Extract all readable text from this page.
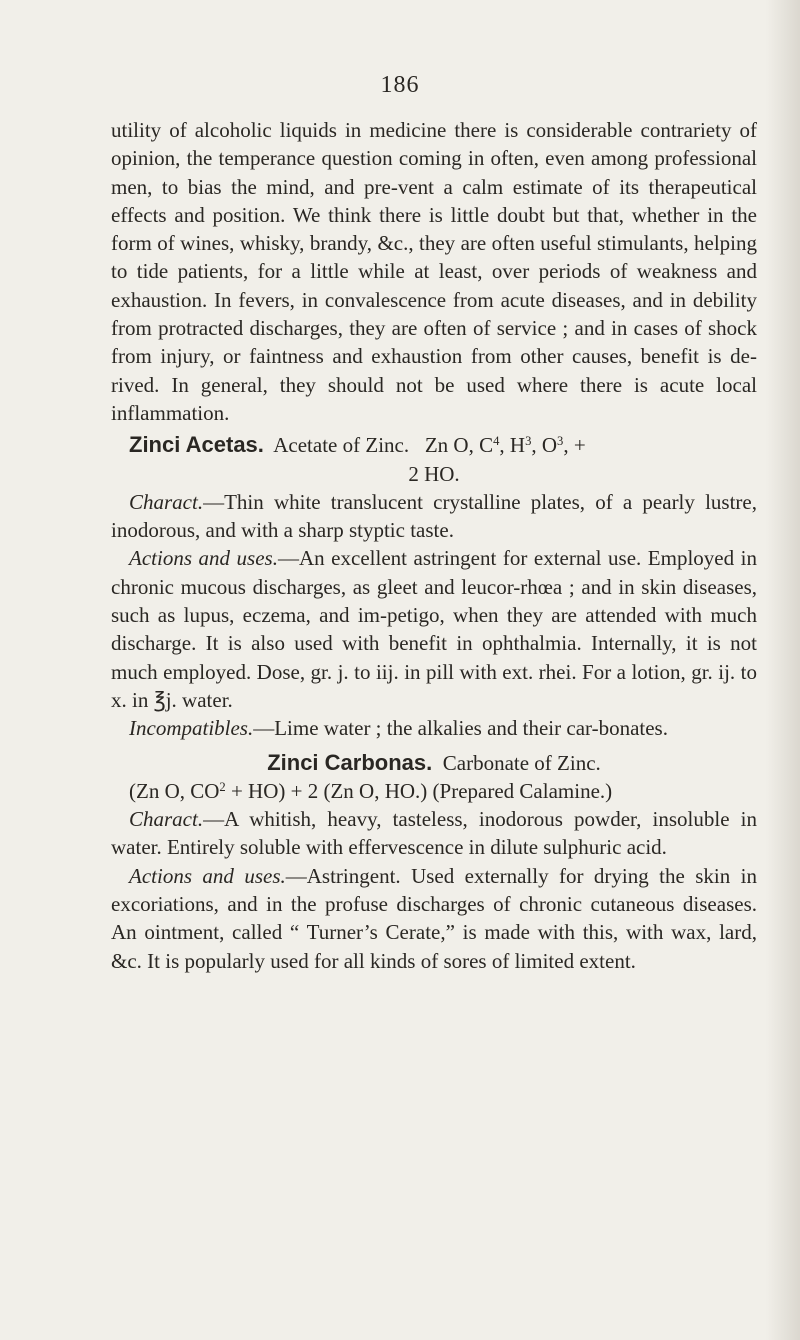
186

utility of alcoholic liquids in medicine there is considerable contrariety of opinion, the temperance question coming in often, even among professional men, to bias the mind, and pre-vent a calm estimate of its therapeutical effects and position. We think there is little doubt but that, whether in the form of wines, whisky, brandy, &c., they are often useful stimulants, helping to tide patients, for a little while at least, over periods of weakness and exhaustion. In fevers, in convalescence from acute diseases, and in debility from protracted discharges, they are often of service ; and in cases of shock from injury, or faintness and exhaustion from other causes, benefit is de-rived. In general, they should not be used where there is acute local inflammation.

Zinci Acetas. Acetate of Zinc. Zn O, $C^4$, $H^3$, $O^3$, +

2 HO.

Charact.—Thin white translucent crystalline plates, of a pearly lustre, inodorous, and with a sharp styptic taste.

Actions and uses.—An excellent astringent for external use. Employed in chronic mucous discharges, as gleet and leucor-rhœa ; and in skin diseases, such as lupus, eczema, and im-petigo, when they are attended with much discharge. It is also used with benefit in ophthalmia. Internally, it is not much employed. Dose, gr. j. to iij. in pill with ext. rhei. For a lotion, gr. ij. to x. in ℥j. water.

Incompatibles.—Lime water ; the alkalies and their car-bonates.

Zinci Carbonas. Carbonate of Zinc.

(Zn O, $CO^2 + HO) + 2$ (Zn O, HO.) (Prepared Calamine.)

Charact.—A whitish, heavy, tasteless, inodorous powder, insoluble in water. Entirely soluble with effervescence in dilute sulphuric acid.

Actions and uses.—Astringent. Used externally for drying the skin in excoriations, and in the profuse discharges of chronic cutaneous diseases. An ointment, called “ Turner’s Cerate,” is made with this, with wax, lard, &c. It is popularly used for all kinds of sores of limited extent.
